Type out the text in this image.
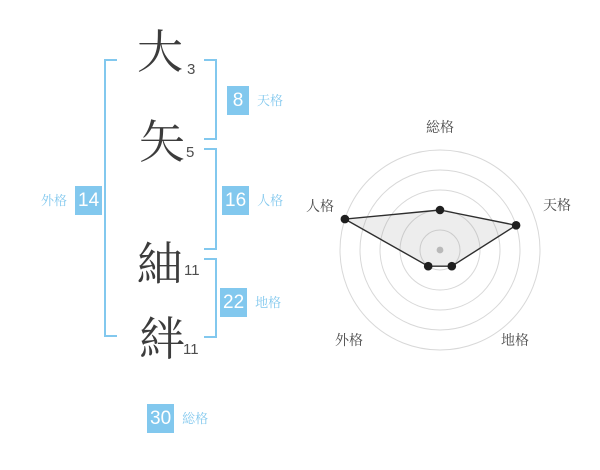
大 3
矢 5
紬 11
絆
11
8	天格
16 人格
22 地格
外格 14
30 総格
総格
天格
地格
外格
人格
